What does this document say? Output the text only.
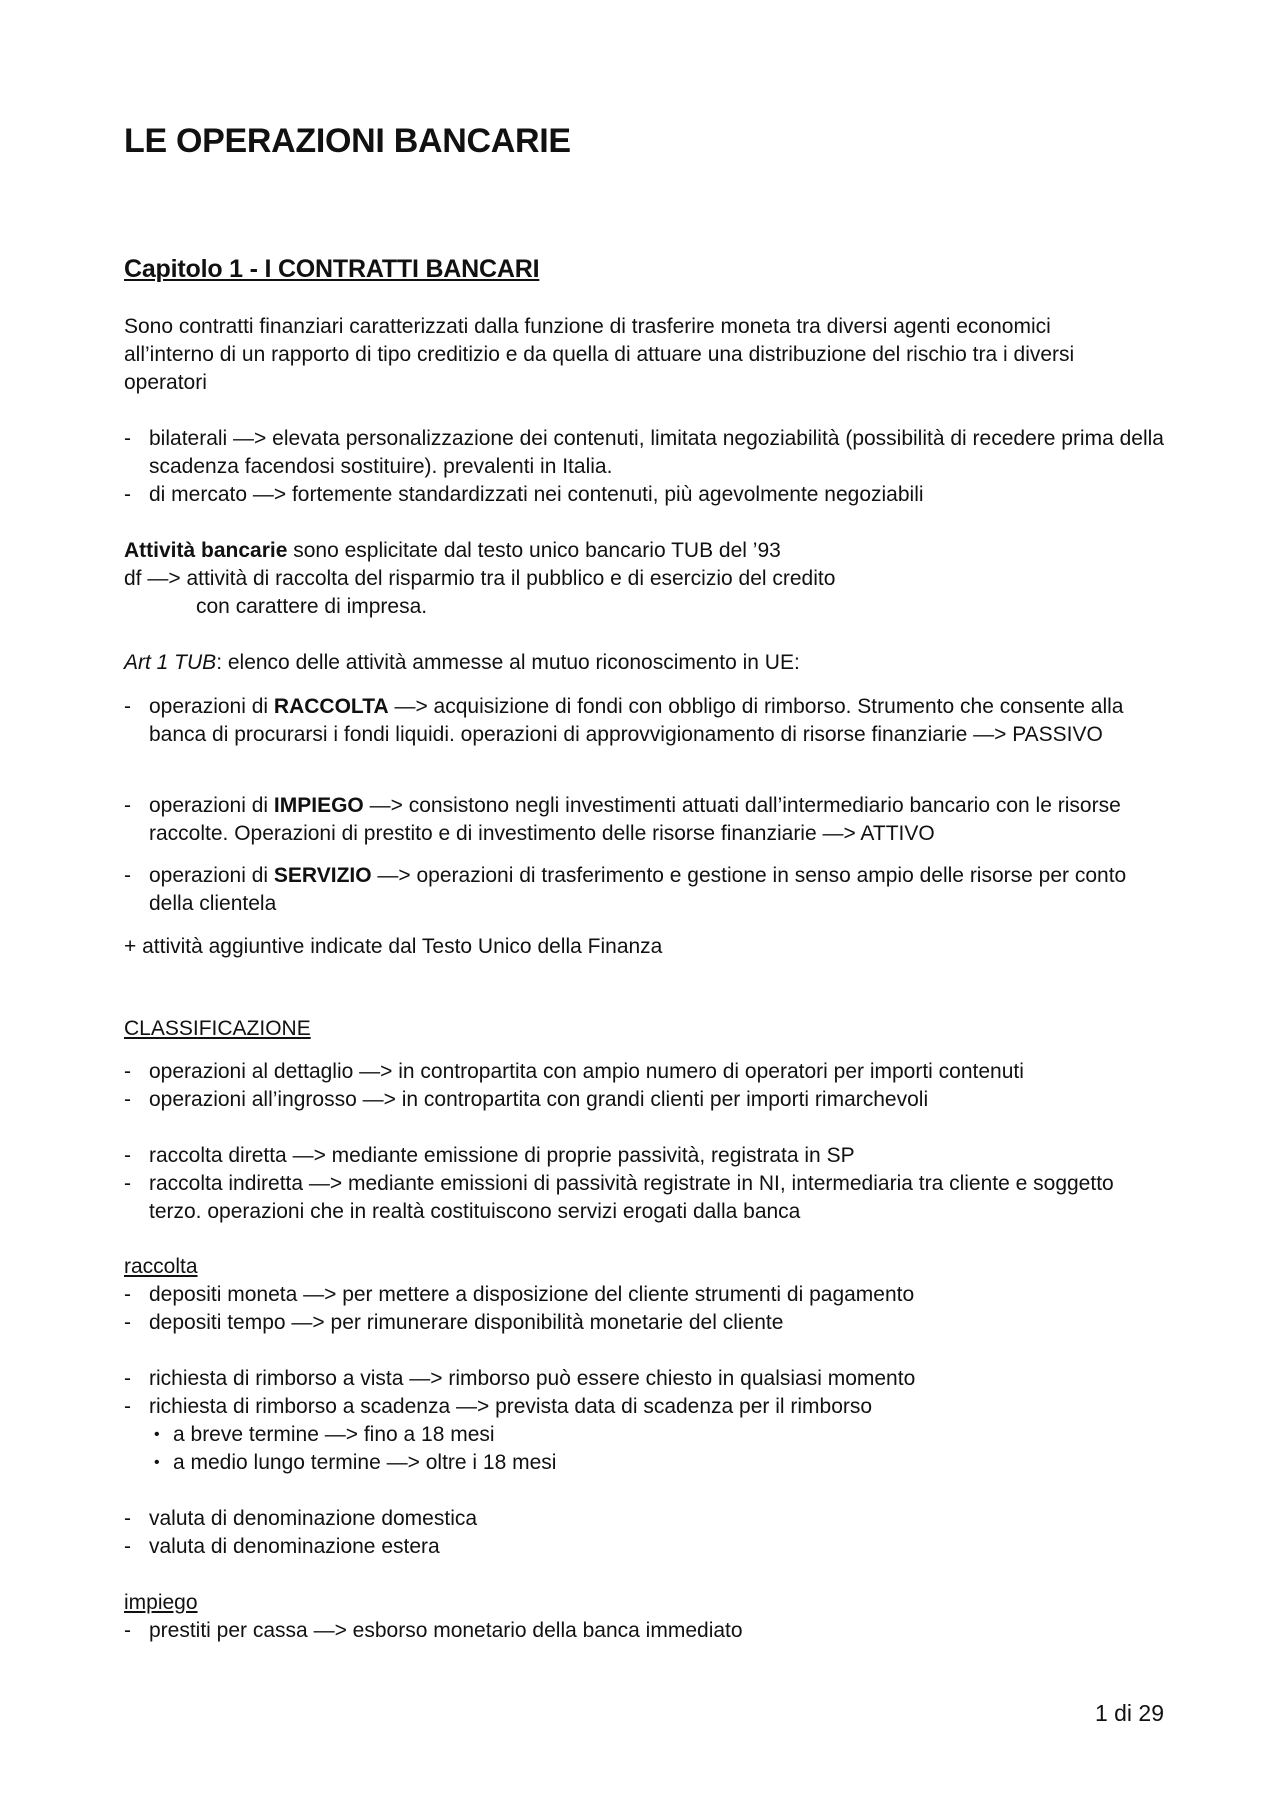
LE OPERAZIONI BANCARIE
Capitolo 1 - I CONTRATTI BANCARI
Sono contratti finanziari caratterizzati dalla funzione di trasferire moneta tra diversi agenti economici all’interno di un rapporto di tipo creditizio e da quella di attuare una distribuzione del rischio tra i diversi operatori
- bilaterali —> elevata personalizzazione dei contenuti, limitata negoziabilità (possibilità di recedere prima della scadenza facendosi sostituire). prevalenti in Italia.
- di mercato —> fortemente standardizzati nei contenuti, più agevolmente negoziabili
Attività bancarie sono esplicitate dal testo unico bancario TUB del ’93
df —> attività di raccolta del risparmio tra il pubblico e di esercizio del credito
con carattere di impresa.
Art 1 TUB: elenco delle attività ammesse al mutuo riconoscimento in UE:
- operazioni di RACCOLTA —> acquisizione di fondi con obbligo di rimborso. Strumento che consente alla banca di procurarsi i fondi liquidi. operazioni di approvvigionamento di risorse finanziarie —> PASSIVO
- operazioni di IMPIEGO —> consistono negli investimenti attuati dall’intermediario bancario con le risorse raccolte. Operazioni di prestito e di investimento delle risorse finanziarie —> ATTIVO
- operazioni di SERVIZIO —> operazioni di trasferimento e gestione in senso ampio delle risorse per conto della clientela
+ attività aggiuntive indicate dal Testo Unico della Finanza
CLASSIFICAZIONE
- operazioni al dettaglio —> in contropartita con ampio numero di operatori per importi contenuti
- operazioni all’ingrosso —> in contropartita con grandi clienti per importi rimarchevoli
- raccolta diretta —> mediante emissione di proprie passività, registrata in SP
- raccolta indiretta —> mediante emissioni di passività registrate in NI, intermediaria tra cliente e soggetto terzo. operazioni che in realtà costituiscono servizi erogati dalla banca
raccolta
- depositi moneta —> per mettere a disposizione del cliente strumenti di pagamento
- depositi tempo —> per rimunerare disponibilità monetarie del cliente
- richiesta di rimborso a vista —> rimborso può essere chiesto in qualsiasi momento
- richiesta di rimborso a scadenza —> prevista data di scadenza per il rimborso
• a breve termine —> fino a 18 mesi
• a medio lungo termine —> oltre i 18 mesi
- valuta di denominazione domestica
- valuta di denominazione estera
impiego
- prestiti per cassa —> esborso monetario della banca immediato
1 di 29
